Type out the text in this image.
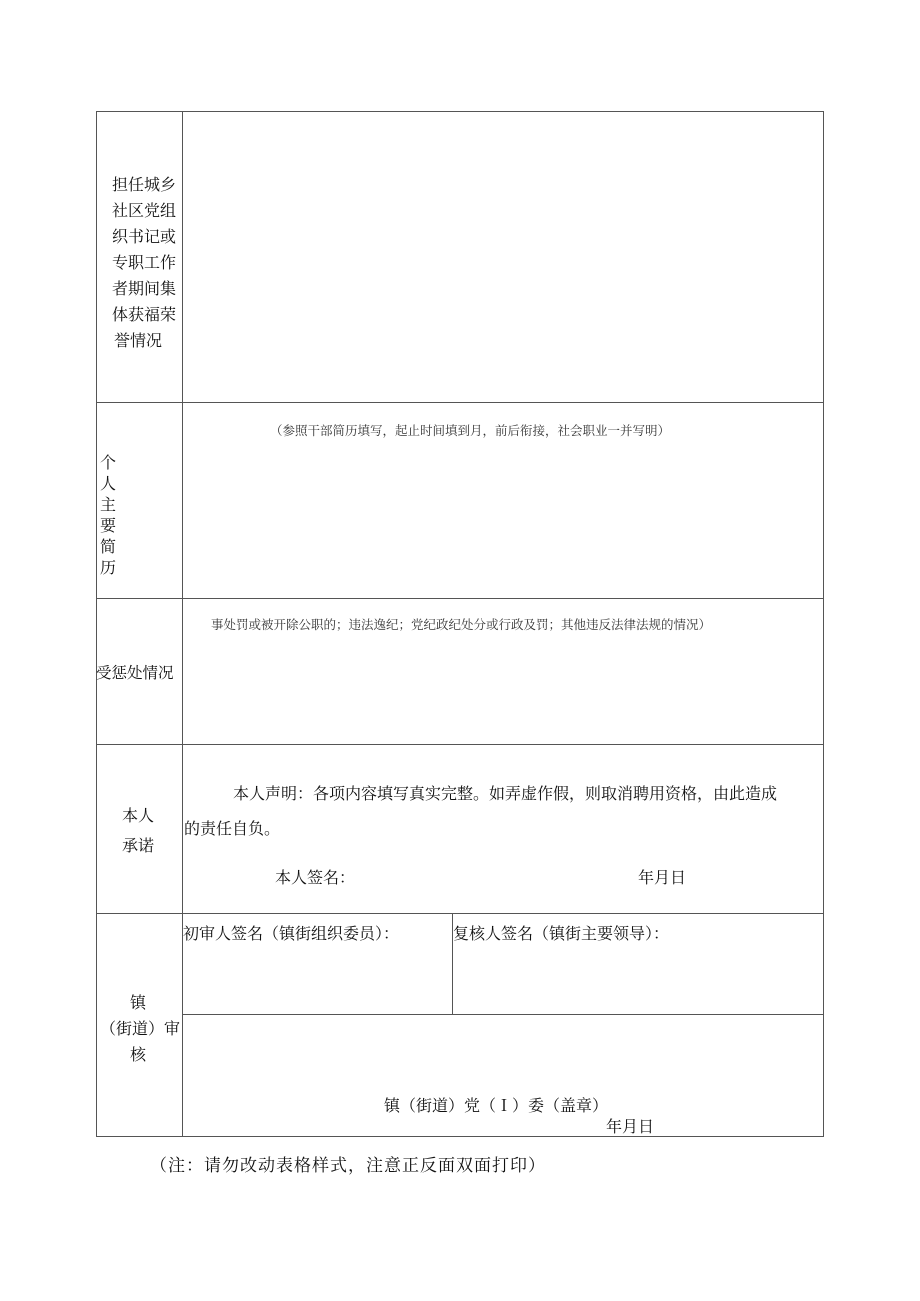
担任城乡
社区党组
织书记或
专职工作
者期间集
体获福荣
誉情况
个
人
主
要
简
历
（参照干部简历填写，起止时间填到月，前后衔接，社会职业一并写明）
受惩处情况
事处罚或被开除公职的；违法逸纪；党纪政纪处分或行政及罚；其他违反法律法规的情况）
本人
承诺
本人声明：各项内容填写真实完整。如弄虚作假，则取消聘用资格，由此造成
的责任自负。
本人签名：	年月日
镇
（街道）审
核
初审人签名（镇街组织委员）：	复核人签名（镇街主要领导）：
镇（街道）党（Ｉ）委（盖章）
年月日
（注：请勿改动表格样式，注意正反面双面打印）
